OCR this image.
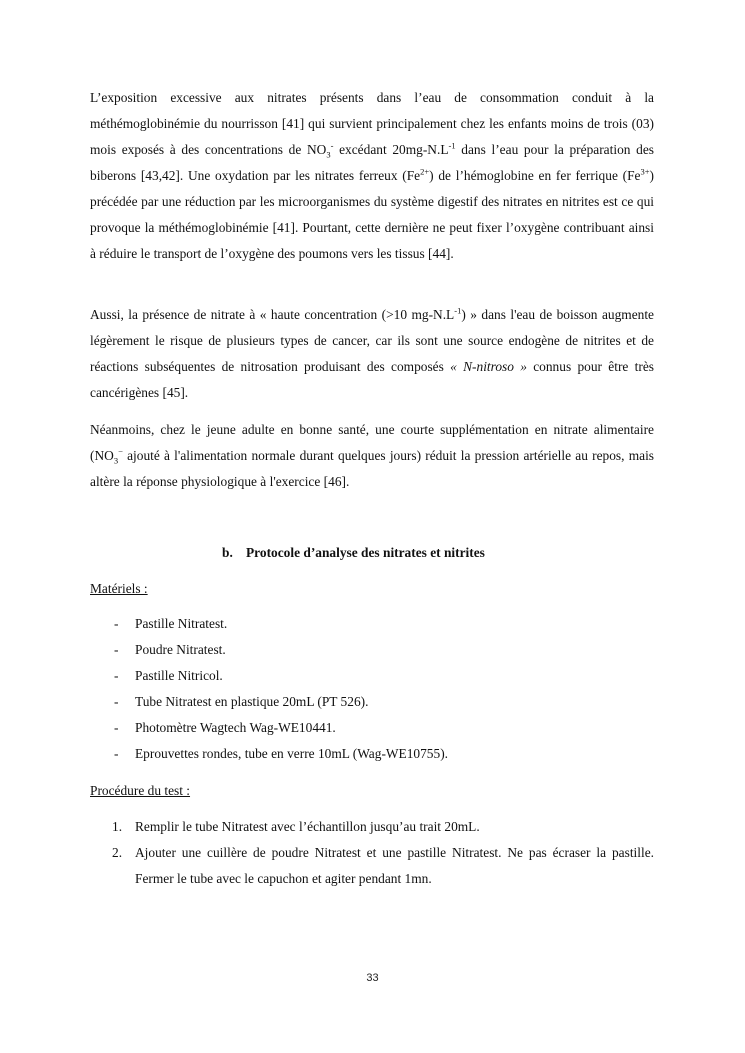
L’exposition excessive aux nitrates présents dans l’eau de consommation conduit à la méthémoglobinémie du nourrisson [41] qui survient principalement chez les enfants moins de trois (03) mois exposés à des concentrations de $NO_3^-$ excédant $20mg-N.L^{-1}$ dans l’eau pour la préparation des biberons [43,42]. Une oxydation par les nitrates ferreux $(Fe^{2+})$ de l’hémoglobine en fer ferrique $(Fe^{3+})$ précédée par une réduction par les microorganismes du système digestif des nitrates en nitrites est ce qui provoque la méthémoglobinémie [41]. Pourtant, cette dernière ne peut fixer l’oxygène contribuant ainsi à réduire le transport de l’oxygène des poumons vers les tissus [44].

Aussi, la présence de nitrate à « haute concentration (>10 $mg-N.L^{-1}$) » dans l'eau de boisson augmente légèrement le risque de plusieurs types de cancer, car ils sont une source endogène de nitrites et de réactions subséquentes de nitrosation produisant des composés « N-nitroso » connus pour être très cancérigènes [45].

Néanmoins, chez le jeune adulte en bonne santé, une courte supplémentation en nitrate alimentaire ($NO_3^-$ ajouté à l'alimentation normale durant quelques jours) réduit la pression artérielle au repos, mais altère la réponse physiologique à l'exercice [46].

b. Protocole d’analyse des nitrates et nitrites

Matériels :

- Pastille Nitratest.
- Poudre Nitratest.
- Pastille Nitricol.
- Tube Nitratest en plastique 20mL (PT 526).
- Photomètre Wagtech Wag-WE10441.
- Eprouvettes rondes, tube en verre 10mL (Wag-WE10755).

Procédure du test :

1. Remplir le tube Nitratest avec l’échantillon jusqu’au trait 20mL.
2. Ajouter une cuillère de poudre Nitratest et une pastille Nitratest. Ne pas écraser la pastille. Fermer le tube avec le capuchon et agiter pendant 1mn.
33
